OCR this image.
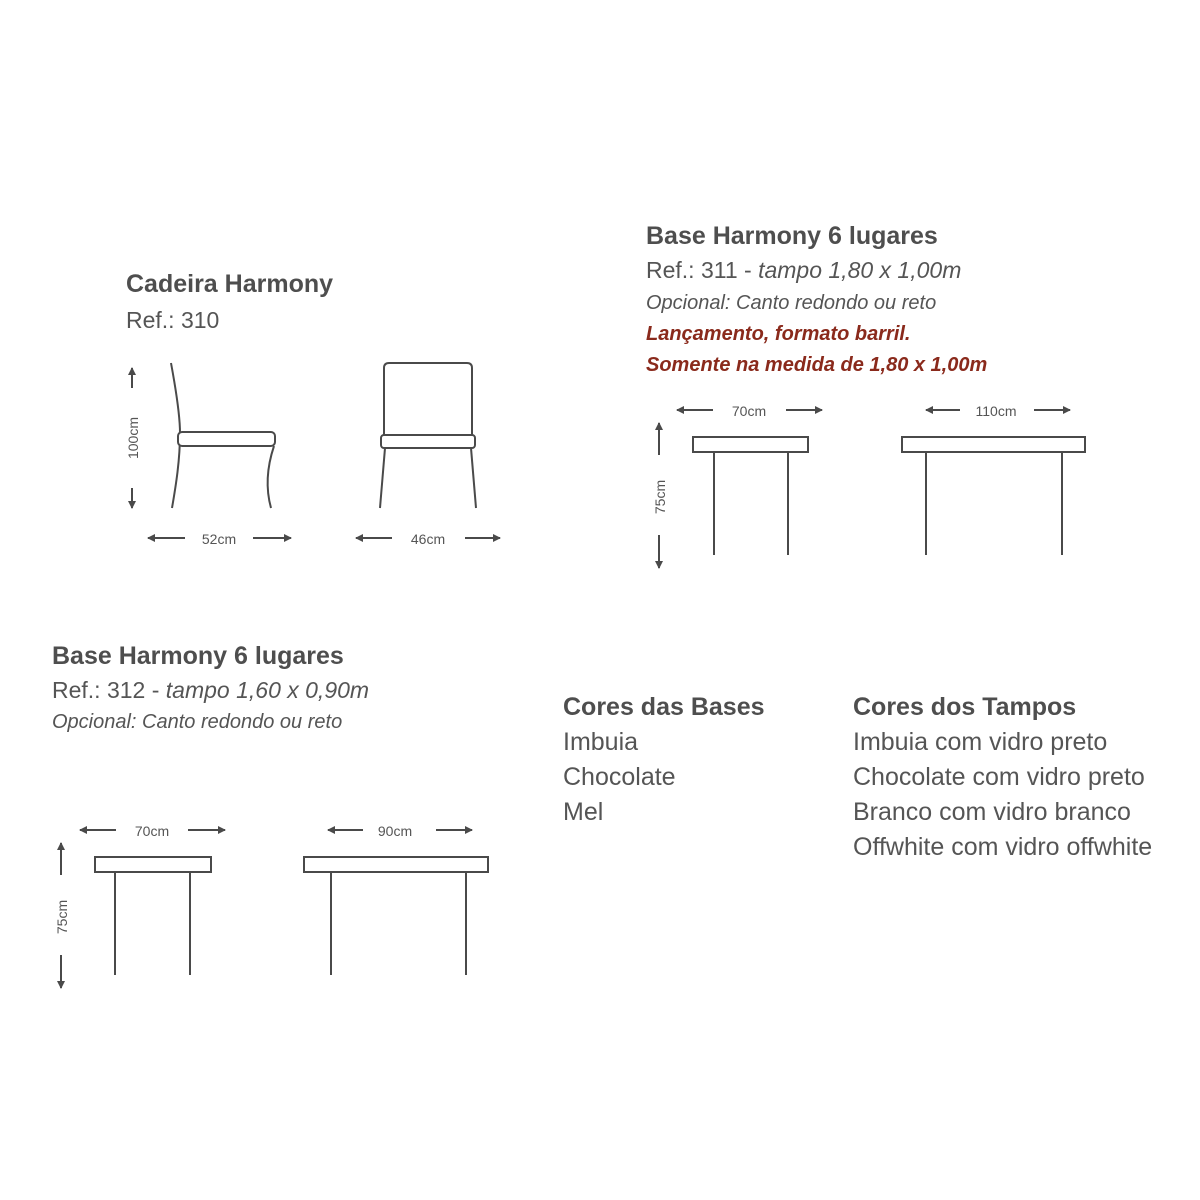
Cadeira Harmony
Ref.: 310
Base Harmony 6 lugares
Ref.: 311 - tampo 1,80 x 1,00m
Opcional: Canto redondo ou reto
Lançamento, formato barril.
Somente na medida de 1,80 x 1,00m
Base Harmony 6 lugares
Ref.: 312 - tampo 1,60 x 0,90m
Opcional: Canto redondo ou reto
Cores das Bases
Imbuia
Chocolate
Mel
Cores dos Tampos
Imbuia com vidro preto
Chocolate com vidro preto
Branco com vidro branco
Offwhite com vidro offwhite
100cm
52cm	46cm
70cm	110cm
75cm
70cm	90cm
75cm
